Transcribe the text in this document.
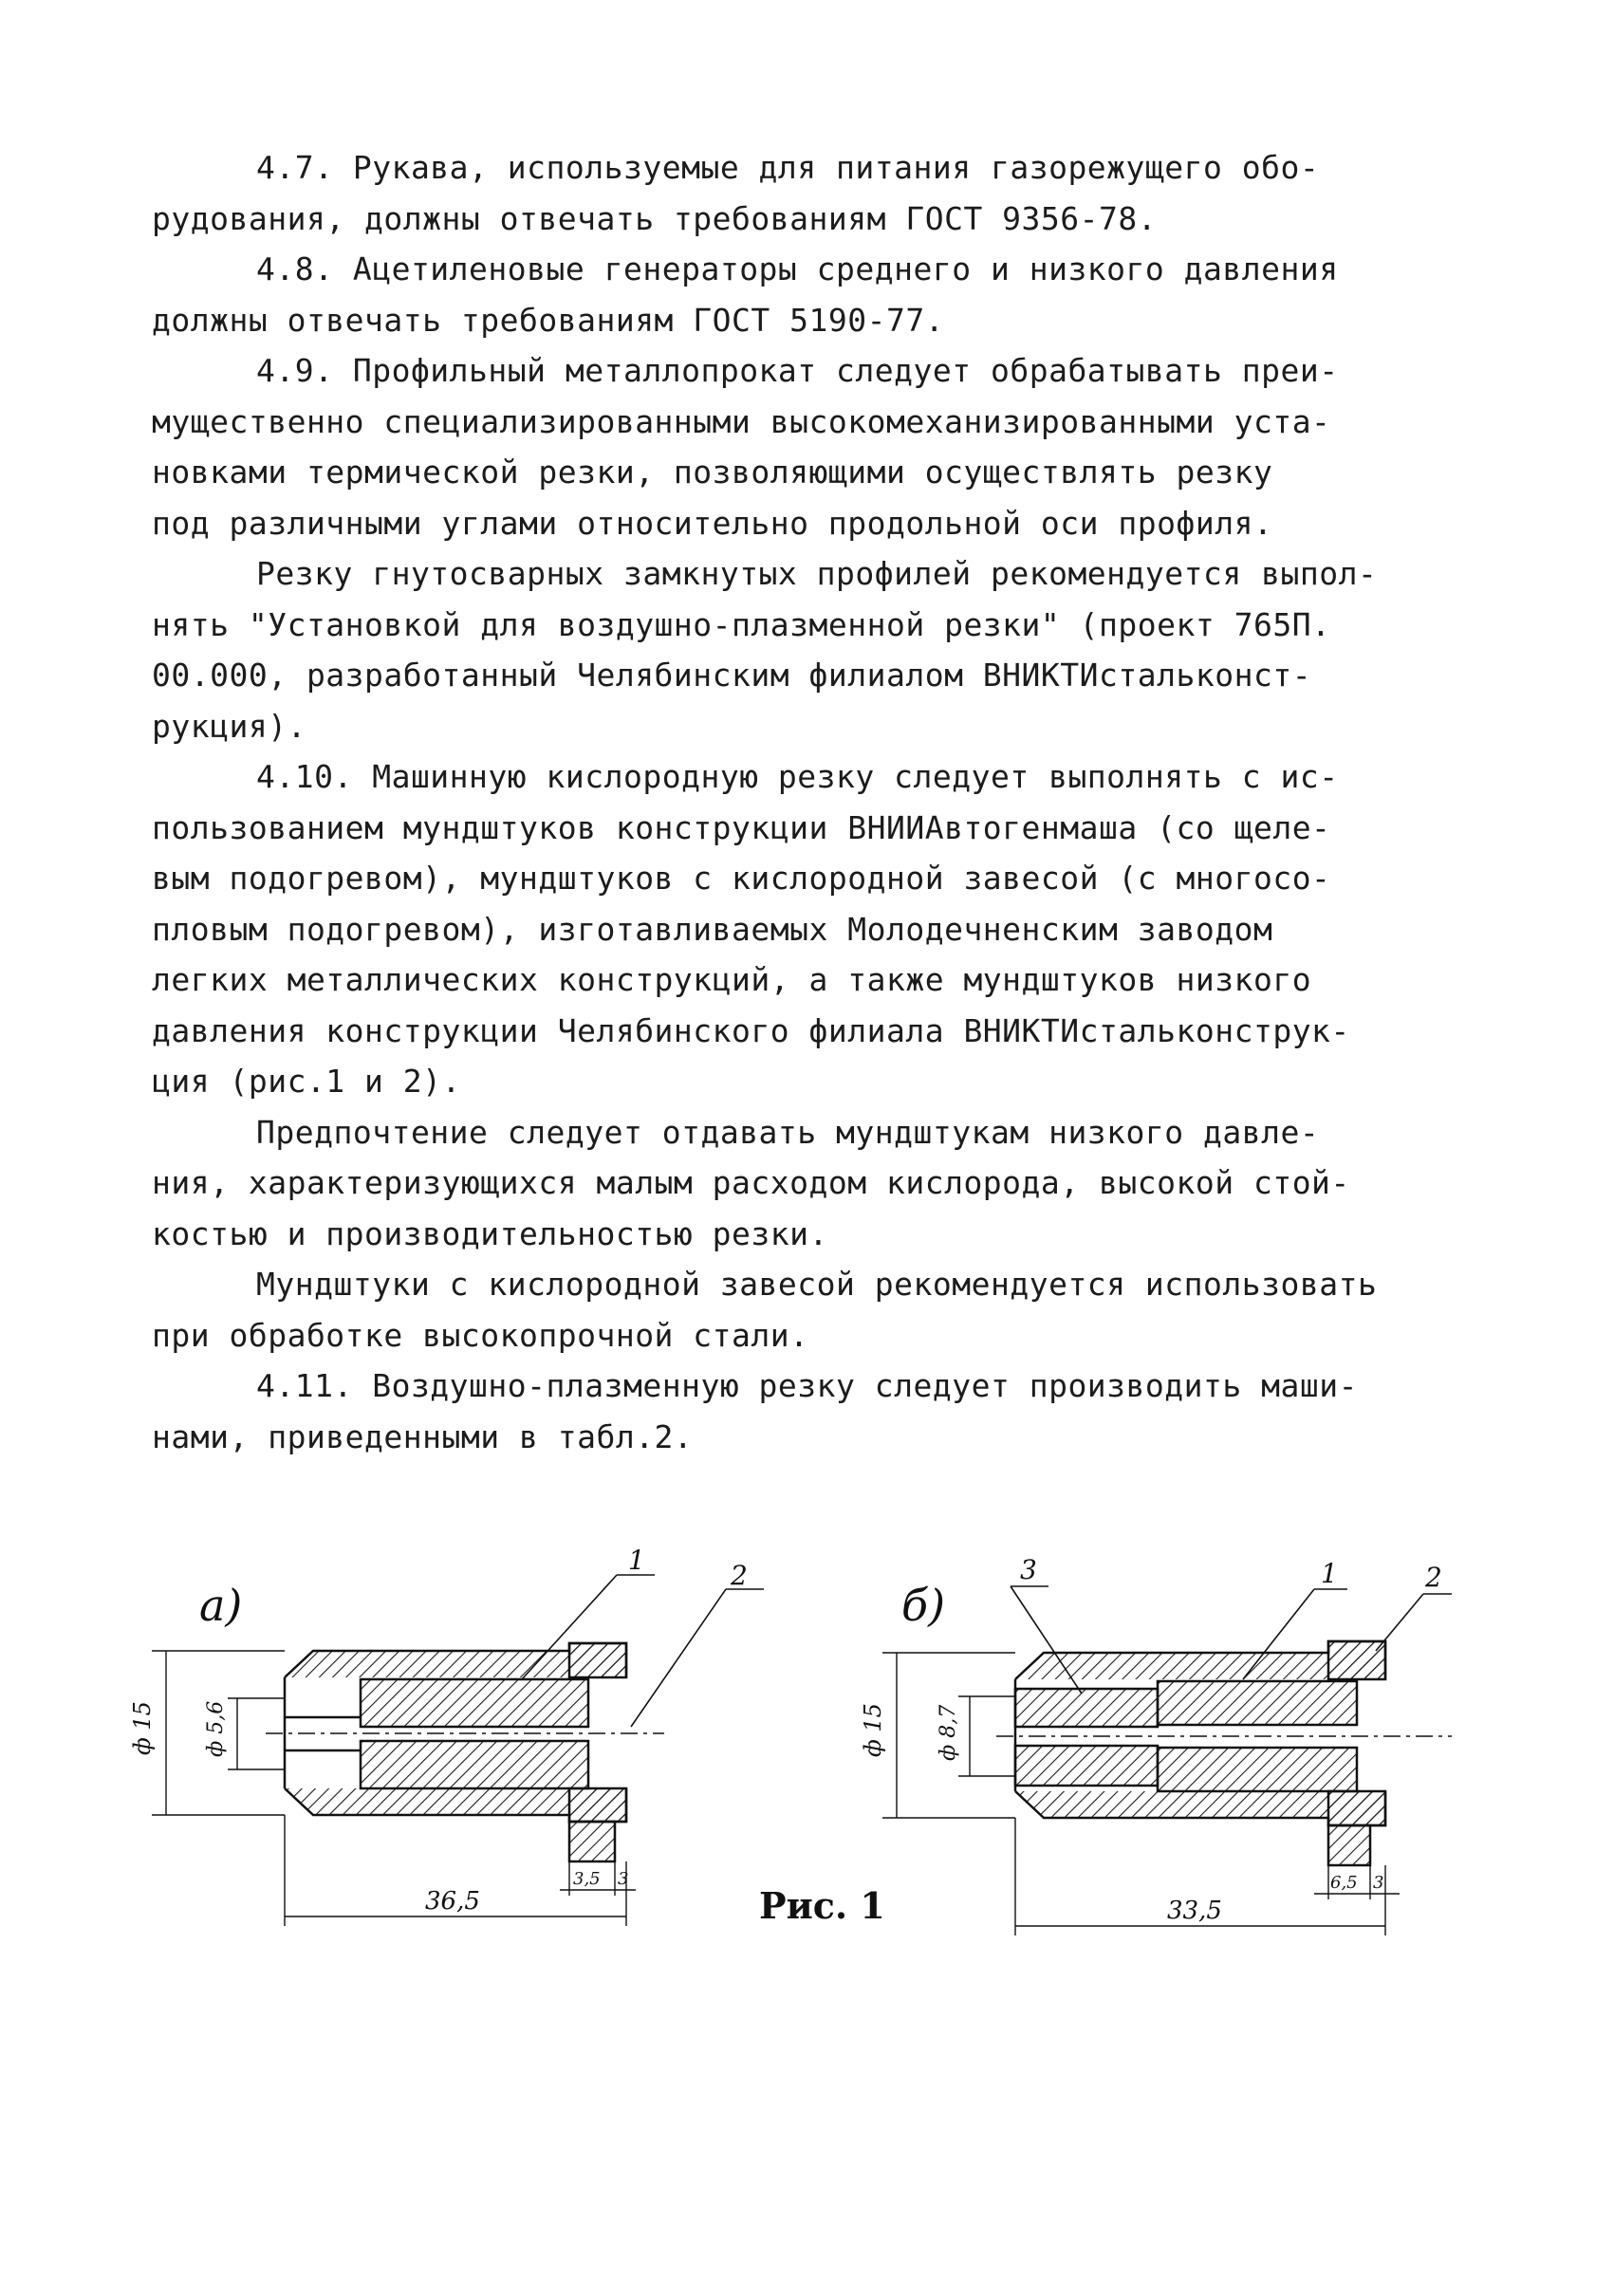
4.7. Рукава, используемые для питания газорежущего обо-
рудования, должны отвечать требованиям ГОСТ 9356-78.
4.8. Ацетиленовые генераторы среднего и низкого давления
должны отвечать требованиям ГОСТ 5190-77.
4.9. Профильный металлопрокат следует обрабатывать преи-
мущественно специализированными высокомеханизированными уста-
новками термической резки, позволяющими осуществлять резку
под различными углами относительно продольной оси профиля.
Резку гнутосварных замкнутых профилей рекомендуется выпол-
нять "Установкой для воздушно-плазменной резки" (проект 765П.
00.000, разработанный Челябинским филиалом ВНИКТИстальконст-
рукция).
4.10. Машинную кислородную резку следует выполнять с ис-
пользованием мундштуков конструкции ВНИИАвтогенмаша (со щеле-
вым подогревом), мундштуков с кислородной завесой (с многосо-
пловым подогревом), изготавливаемых Молодечненским заводом
легких металлических конструкций, а также мундштуков низкого
давления конструкции Челябинского филиала ВНИКТИстальконструк-
ция (рис.1 и 2).
Предпочтение следует отдавать мундштукам низкого давле-
ния, характеризующихся малым расходом кислорода, высокой стой-
костью и производительностью резки.
Мундштуки с кислородной завесой рекомендуется использовать
при обработке высокопрочной стали.
4.11. Воздушно-плазменную резку следует производить маши-
нами, приведенными в табл.2.
а)
1	2
ф 15 ф 5,6
36,5
3,5 3
б)
3	1	2
ф 15 ф 8,7
33,5
6,5 3
Рис. 1
